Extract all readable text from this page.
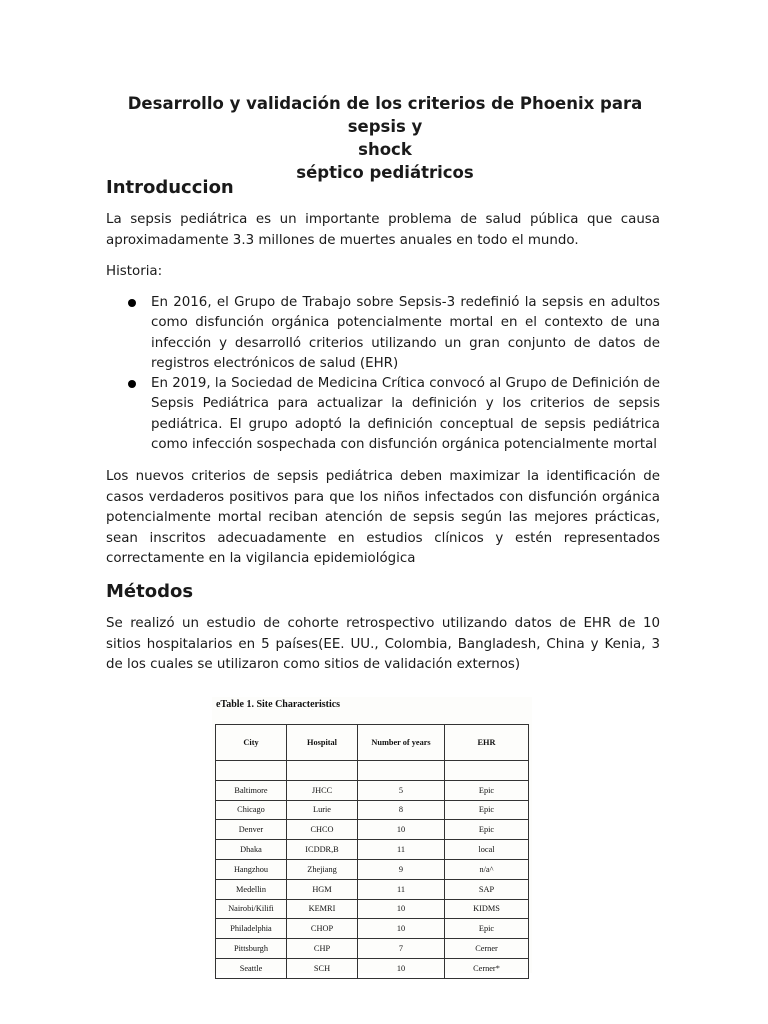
Desarrollo y validación de los criterios de Phoenix para sepsis y
shock
séptico pediátricos
Introduccion

La sepsis pediátrica es un importante problema de salud pública que causa aproximadamente 3.3 millones de muertes anuales en todo el mundo.

Historia:

En 2016, el Grupo de Trabajo sobre Sepsis-3 redefinió la sepsis en adultos como disfunción orgánica potencialmente mortal en el contexto de una infección y desarrolló criterios utilizando un gran conjunto de datos de registros electrónicos de salud (EHR)
En 2019, la Sociedad de Medicina Crítica convocó al Grupo de Definición de Sepsis Pediátrica para actualizar la definición y los criterios de sepsis pediátrica. El grupo adoptó la definición conceptual de sepsis pediátrica como infección sospechada con disfunción orgánica potencialmente mortal

Los nuevos criterios de sepsis pediátrica deben maximizar la identificación de casos verdaderos positivos para que los niños infectados con disfunción orgánica potencialmente mortal reciban atención de sepsis según las mejores prácticas, sean inscritos adecuadamente en estudios clínicos y estén representados correctamente en la vigilancia epidemiológica

Métodos

Se realizó un estudio de cohorte retrospectivo utilizando datos de EHR de 10 sitios hospitalarios en 5 países(EE. UU., Colombia, Bangladesh, China y Kenia, 3 de los cuales se utilizaron como sitios de validación externos)

eTable 1. Site Characteristics
City	Hospital	Number of years	EHR

Baltimore	JHCC	5	Epic
Chicago	Lurie	8	Epic
Denver	CHCO	10	Epic
Dhaka	ICDDR,B	11	local
Hangzhou	Zhejiang	9	n/a^
Medellin	HGM	11	SAP
Nairobi/Kilifi	KEMRI	10	KIDMS
Philadelphia	CHOP	10	Epic
Pittsburgh	CHP	7	Cerner
Seattle	SCH	10	Cerner*
